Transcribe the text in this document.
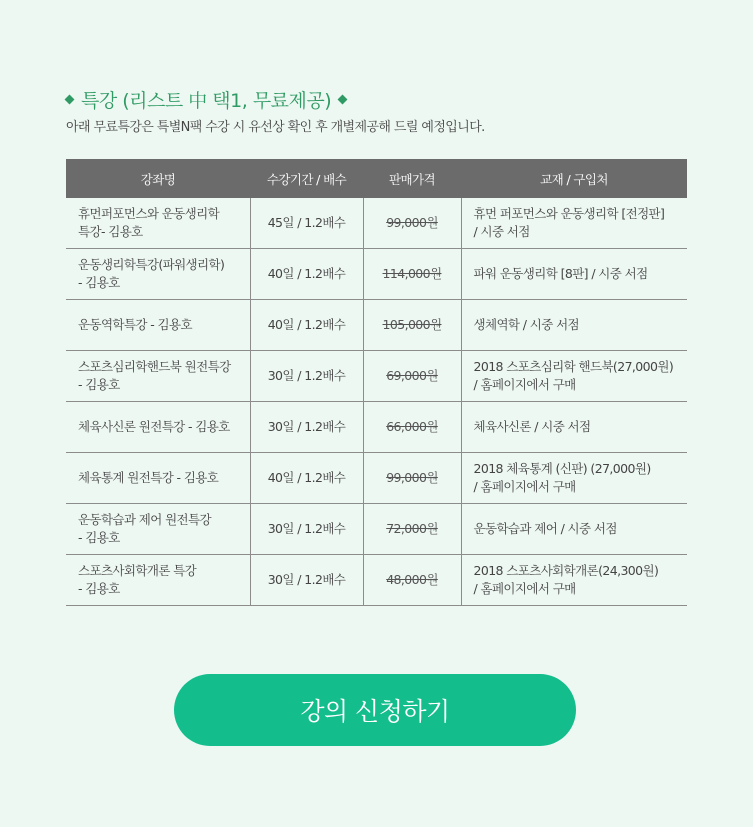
특강 (리스트 中 택1, 무료제공)
아래 무료특강은 특별N팩 수강 시 유선상 확인 후 개별제공해 드릴 예정입니다.
강좌명	수강기간 / 배수	판매가격	교재 / 구입처
휴먼퍼포먼스와 운동생리학
특강- 김용호	45일 / 1.2배수	99,000원	휴먼 퍼포먼스와 운동생리학 [전정판]
/ 시중 서점
운동생리학특강(파워생리학)
- 김용호	40일 / 1.2배수	114,000원	파워 운동생리학 [8판] / 시중 서점
운동역학특강 - 김용호	40일 / 1.2배수	105,000원	생체역학 / 시중 서점
스포츠심리학핸드북 원전특강
- 김용호	30일 / 1.2배수	69,000원	2018 스포츠심리학 핸드북(27,000원)
/ 홈페이지에서 구매
체육사신론 원전특강 - 김용호	30일 / 1.2배수	66,000원	체육사신론 / 시중 서점
체육통계 원전특강 - 김용호	40일 / 1.2배수	99,000원	2018 체육통계 (신판) (27,000원)
/ 홈페이지에서 구매
운동학습과 제어 원전특강
- 김용호	30일 / 1.2배수	72,000원	운동학습과 제어 / 시중 서점
스포츠사회학개론 특강
- 김용호	30일 / 1.2배수	48,000원	2018 스포츠사회학개론(24,300원)
/ 홈페이지에서 구매
강의 신청하기
